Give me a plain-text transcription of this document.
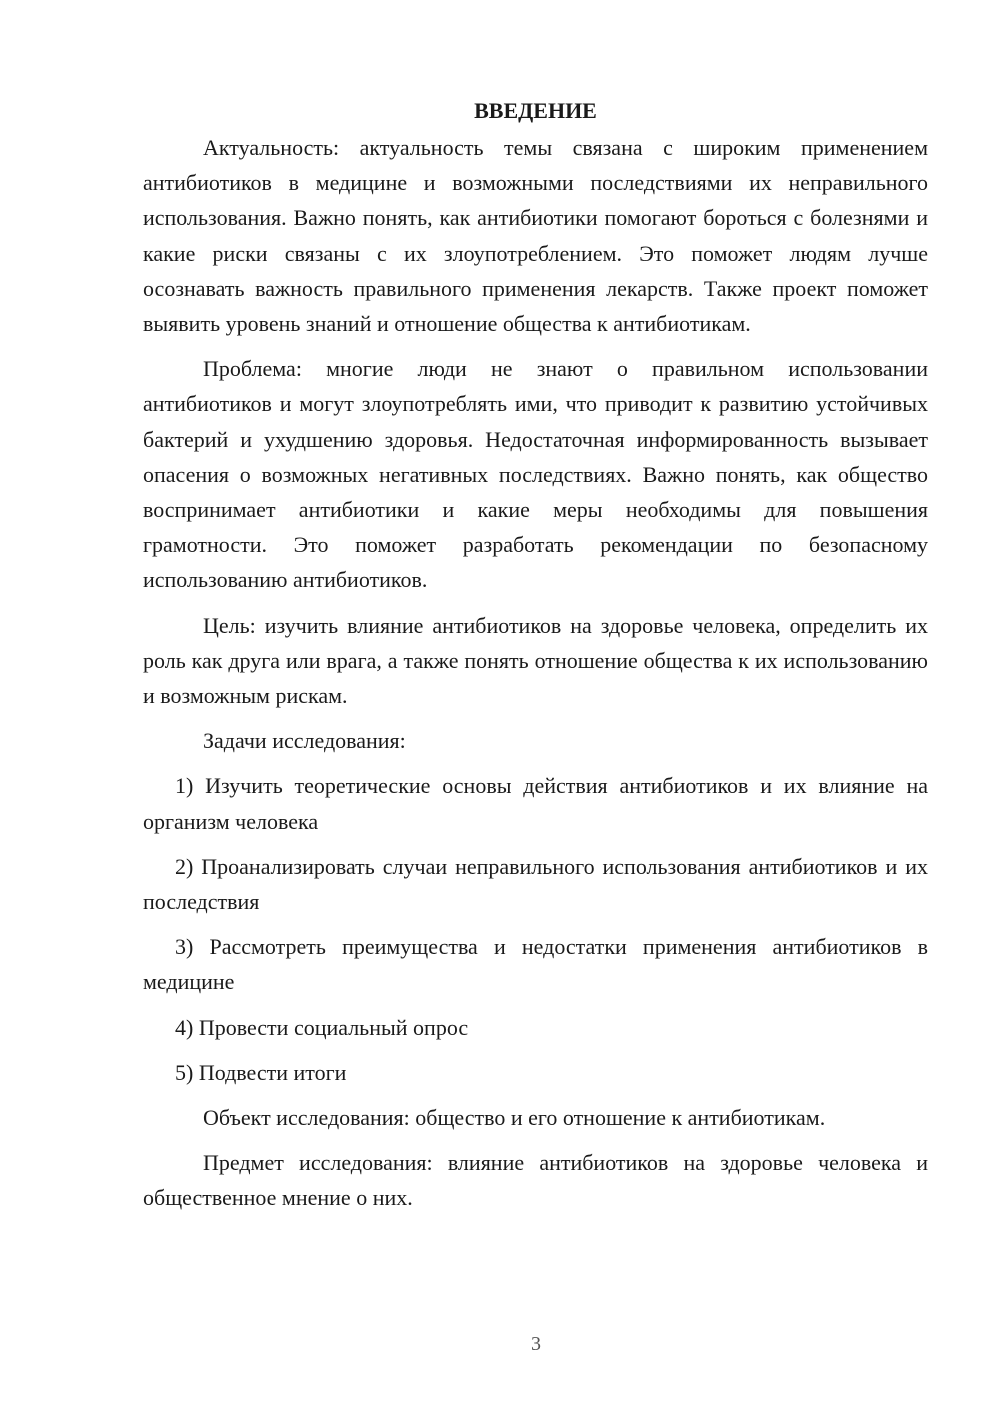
ВВЕДЕНИЕ

Актуальность: актуальность темы связана с широким применением антибиотиков в медицине и возможными последствиями их неправильного использования. Важно понять, как антибиотики помогают бороться с болезнями и какие риски связаны с их злоупотреблением. Это поможет людям лучше осознавать важность правильного применения лекарств. Также проект поможет выявить уровень знаний и отношение общества к антибиотикам.

Проблема: многие люди не знают о правильном использовании антибиотиков и могут злоупотреблять ими, что приводит к развитию устойчивых бактерий и ухудшению здоровья. Недостаточная информированность вызывает опасения о возможных негативных последствиях. Важно понять, как общество воспринимает антибиотики и какие меры необходимы для повышения грамотности. Это поможет разработать рекомендации по безопасному использованию антибиотиков.

Цель: изучить влияние антибиотиков на здоровье человека, определить их роль как друга или врага, а также понять отношение общества к их использованию и возможным рискам.

Задачи исследования:

1) Изучить теоретические основы действия антибиотиков и их влияние на организм человека

2) Проанализировать случаи неправильного использования антибиотиков и их последствия

3) Рассмотреть преимущества и недостатки применения антибиотиков в медицине

4) Провести социальный опрос

5) Подвести итоги

Объект исследования: общество и его отношение к антибиотикам.

Предмет исследования: влияние антибиотиков на здоровье человека и общественное мнение о них.

3
